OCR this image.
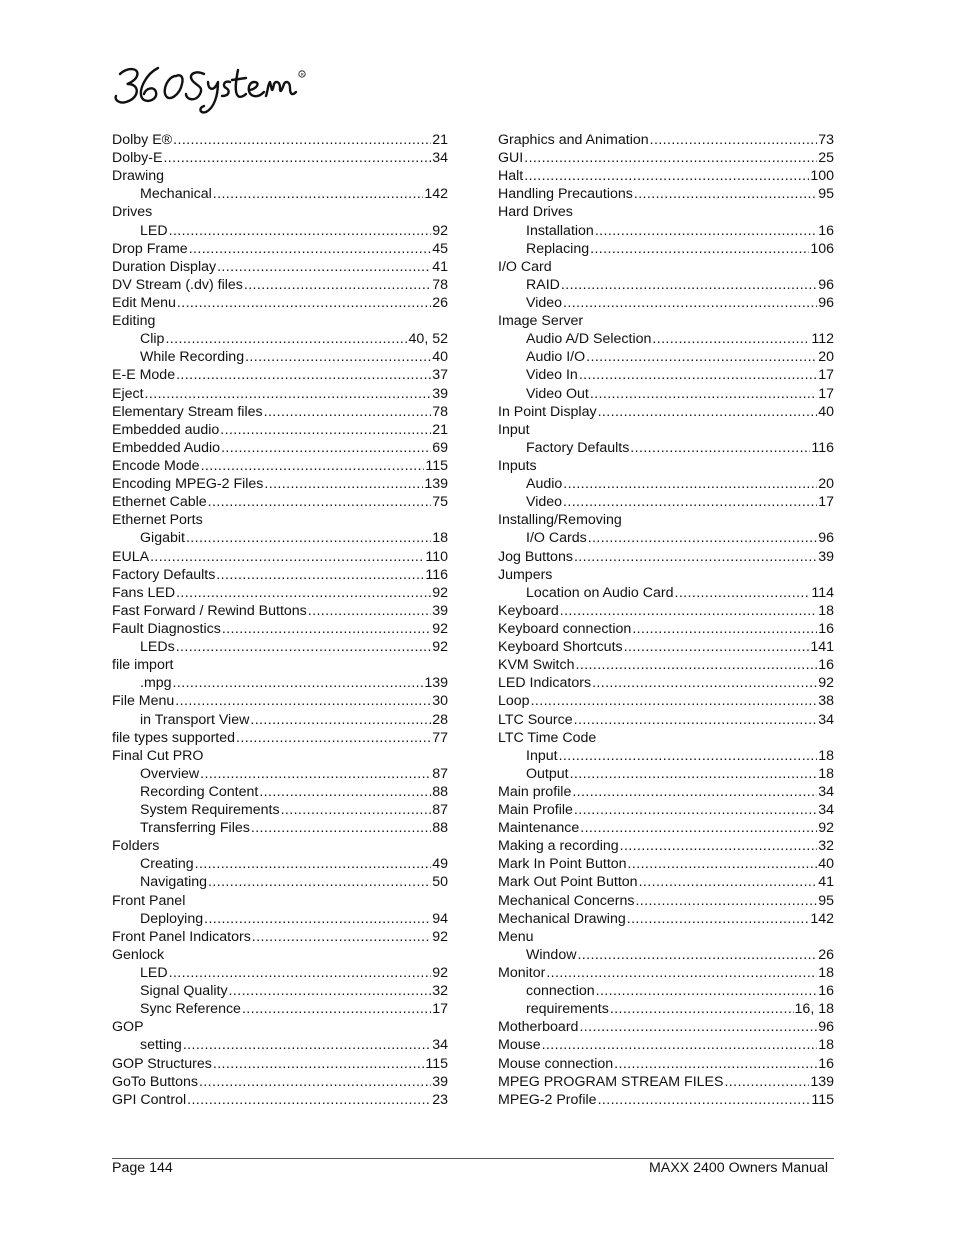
R
Dolby E® .....	21
Dolby-E .....	34
Drawing
Mechanical .....	142
Drives
LED .....	92
Drop Frame .....	45
Duration Display .....	41
DV Stream (.dv) files .....	78
Edit Menu .....	26
Editing
Clip .....	40, 52
While Recording .....	40
E-E Mode .....	37
Eject .....	39
Elementary Stream files .....	78
Embedded audio .....	21
Embedded Audio .....	69
Encode Mode .....	115
Encoding MPEG-2 Files .....	139
Ethernet Cable .....	75
Ethernet Ports
Gigabit .....	18
EULA .....	110
Factory Defaults .....	116
Fans LED .....	92
Fast Forward / Rewind Buttons .....	39
Fault Diagnostics .....	92
LEDs .....	92
file import
.mpg .....	139
File Menu .....	30
in Transport View .....	28
file types supported .....	77
Final Cut PRO
Overview .....	87
Recording Content .....	88
System Requirements .....	87
Transferring Files .....	88
Folders
Creating .....	49
Navigating .....	50
Front Panel
Deploying .....	94
Front Panel Indicators .....	92
Genlock
LED .....	92
Signal Quality .....	32
Sync Reference .....	17
GOP
setting .....	34
GOP Structures .....	115
GoTo Buttons .....	39
GPI Control .....	23
Graphics and Animation .....	73
GUI .....	25
Halt .....	100
Handling Precautions .....	95
Hard Drives
Installation .....	16
Replacing .....	106
I/O Card
RAID .....	96
Video .....	96
Image Server
Audio A/D Selection .....	112
Audio I/O .....	20
Video In .....	17
Video Out .....	17
In Point Display .....	40
Input
Factory Defaults .....	116
Inputs
Audio .....	20
Video .....	17
Installing/Removing
I/O Cards .....	96
Jog Buttons .....	39
Jumpers
Location on Audio Card .....	114
Keyboard .....	18
Keyboard connection .....	16
Keyboard Shortcuts .....	141
KVM Switch .....	16
LED Indicators .....	92
Loop .....	38
LTC Source .....	34
LTC Time Code
Input .....	18
Output .....	18
Main profile .....	34
Main Profile .....	34
Maintenance .....	92
Making a recording .....	32
Mark In Point Button .....	40
Mark Out Point Button .....	41
Mechanical Concerns .....	95
Mechanical Drawing .....	142
Menu
Window .....	26
Monitor .....	18
connection .....	16
requirements .....	16, 18
Motherboard .....	96
Mouse .....	18
Mouse connection .....	16
MPEG PROGRAM STREAM FILES .....	139
MPEG-2 Profile .....	115
Page 144	MAXX 2400 Owners Manual
